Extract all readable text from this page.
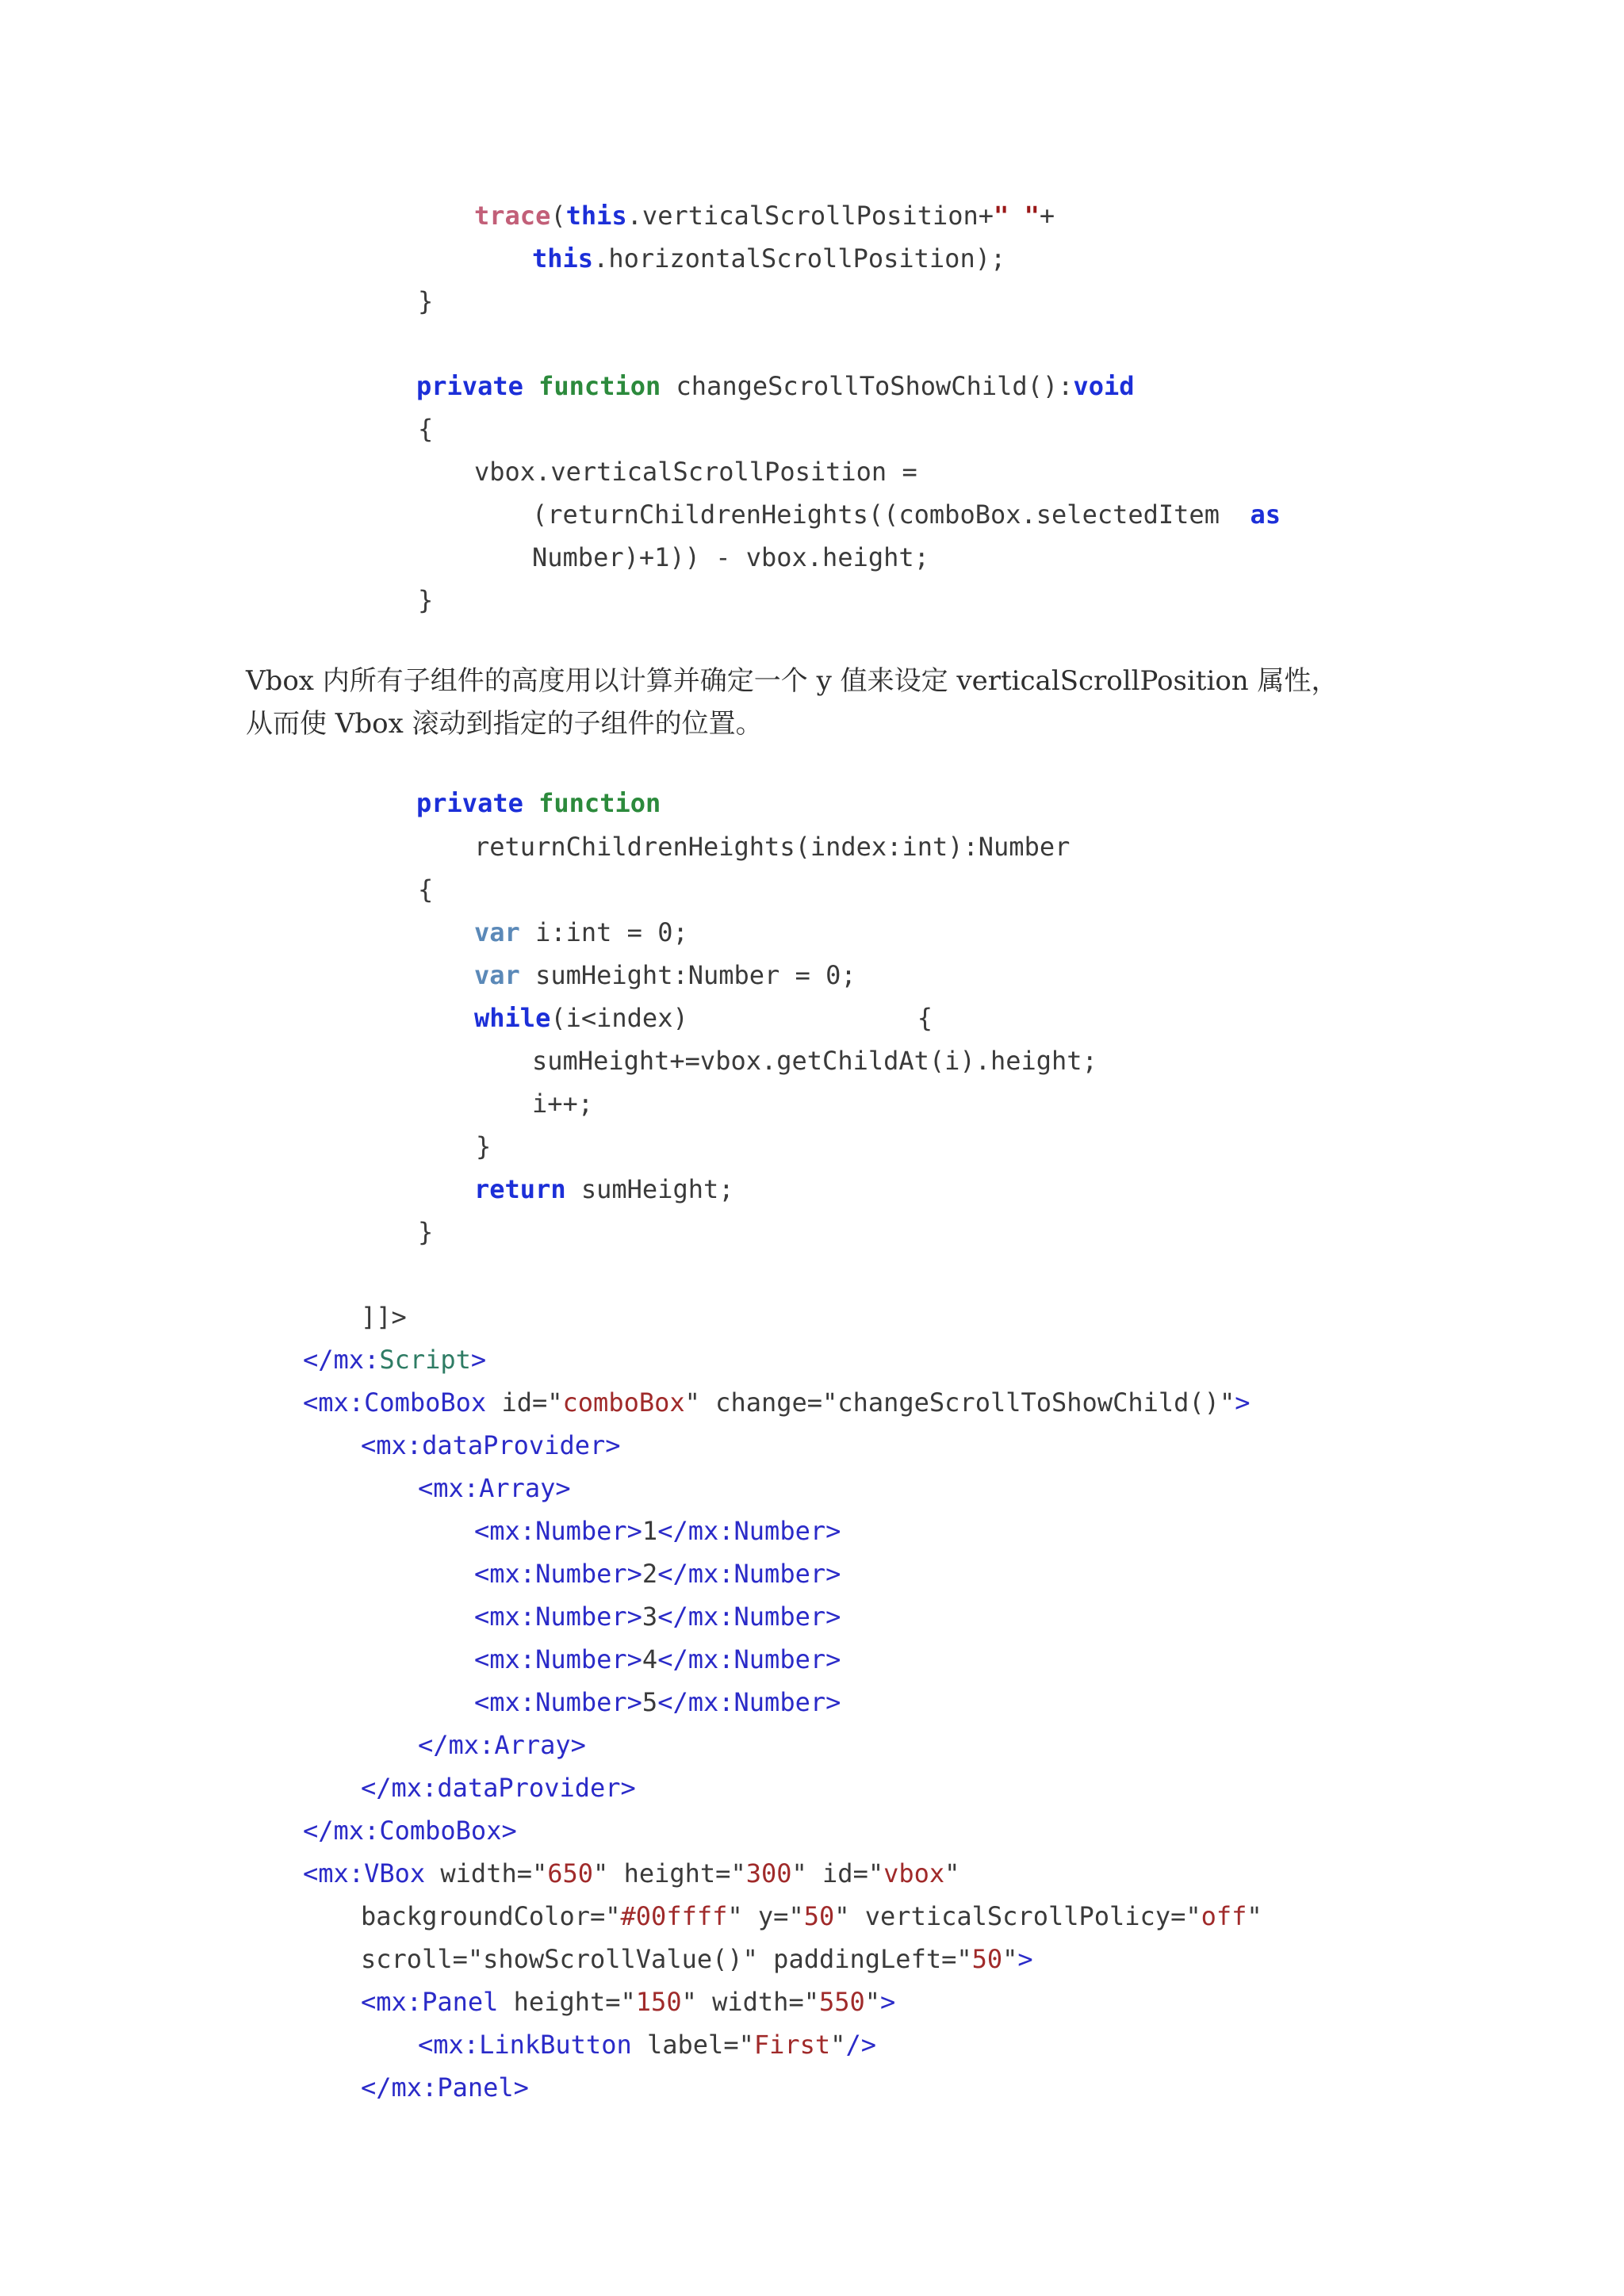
trace(this.verticalScrollPosition+" "+
this.horizontalScrollPosition);
}
private function changeScrollToShowChild():void
{
vbox.verticalScrollPosition =
(returnChildrenHeights((comboBox.selectedItem  as
Number)+1)) - vbox.height;
}
Vbox 内所有子组件的高度用以计算并确定一个 y 值来设定 verticalScrollPosition 属性，
从而使 Vbox 滚动到指定的子组件的位置。
private function
returnChildrenHeights(index:int):Number
{
var i:int = 0;
var sumHeight:Number = 0;
while(i<index)               {
sumHeight+=vbox.getChildAt(i).height;
i++;
}
return sumHeight;
}
]]>
</mx:Script>
<mx:ComboBox id="comboBox" change="changeScrollToShowChild()">
<mx:dataProvider>
<mx:Array>
<mx:Number>1</mx:Number>
<mx:Number>2</mx:Number>
<mx:Number>3</mx:Number>
<mx:Number>4</mx:Number>
<mx:Number>5</mx:Number>
</mx:Array>
</mx:dataProvider>
</mx:ComboBox>
<mx:VBox width="650" height="300" id="vbox"
backgroundColor="#00ffff" y="50" verticalScrollPolicy="off"
scroll="showScrollValue()" paddingLeft="50">
<mx:Panel height="150" width="550">
<mx:LinkButton label="First"/>
</mx:Panel>
